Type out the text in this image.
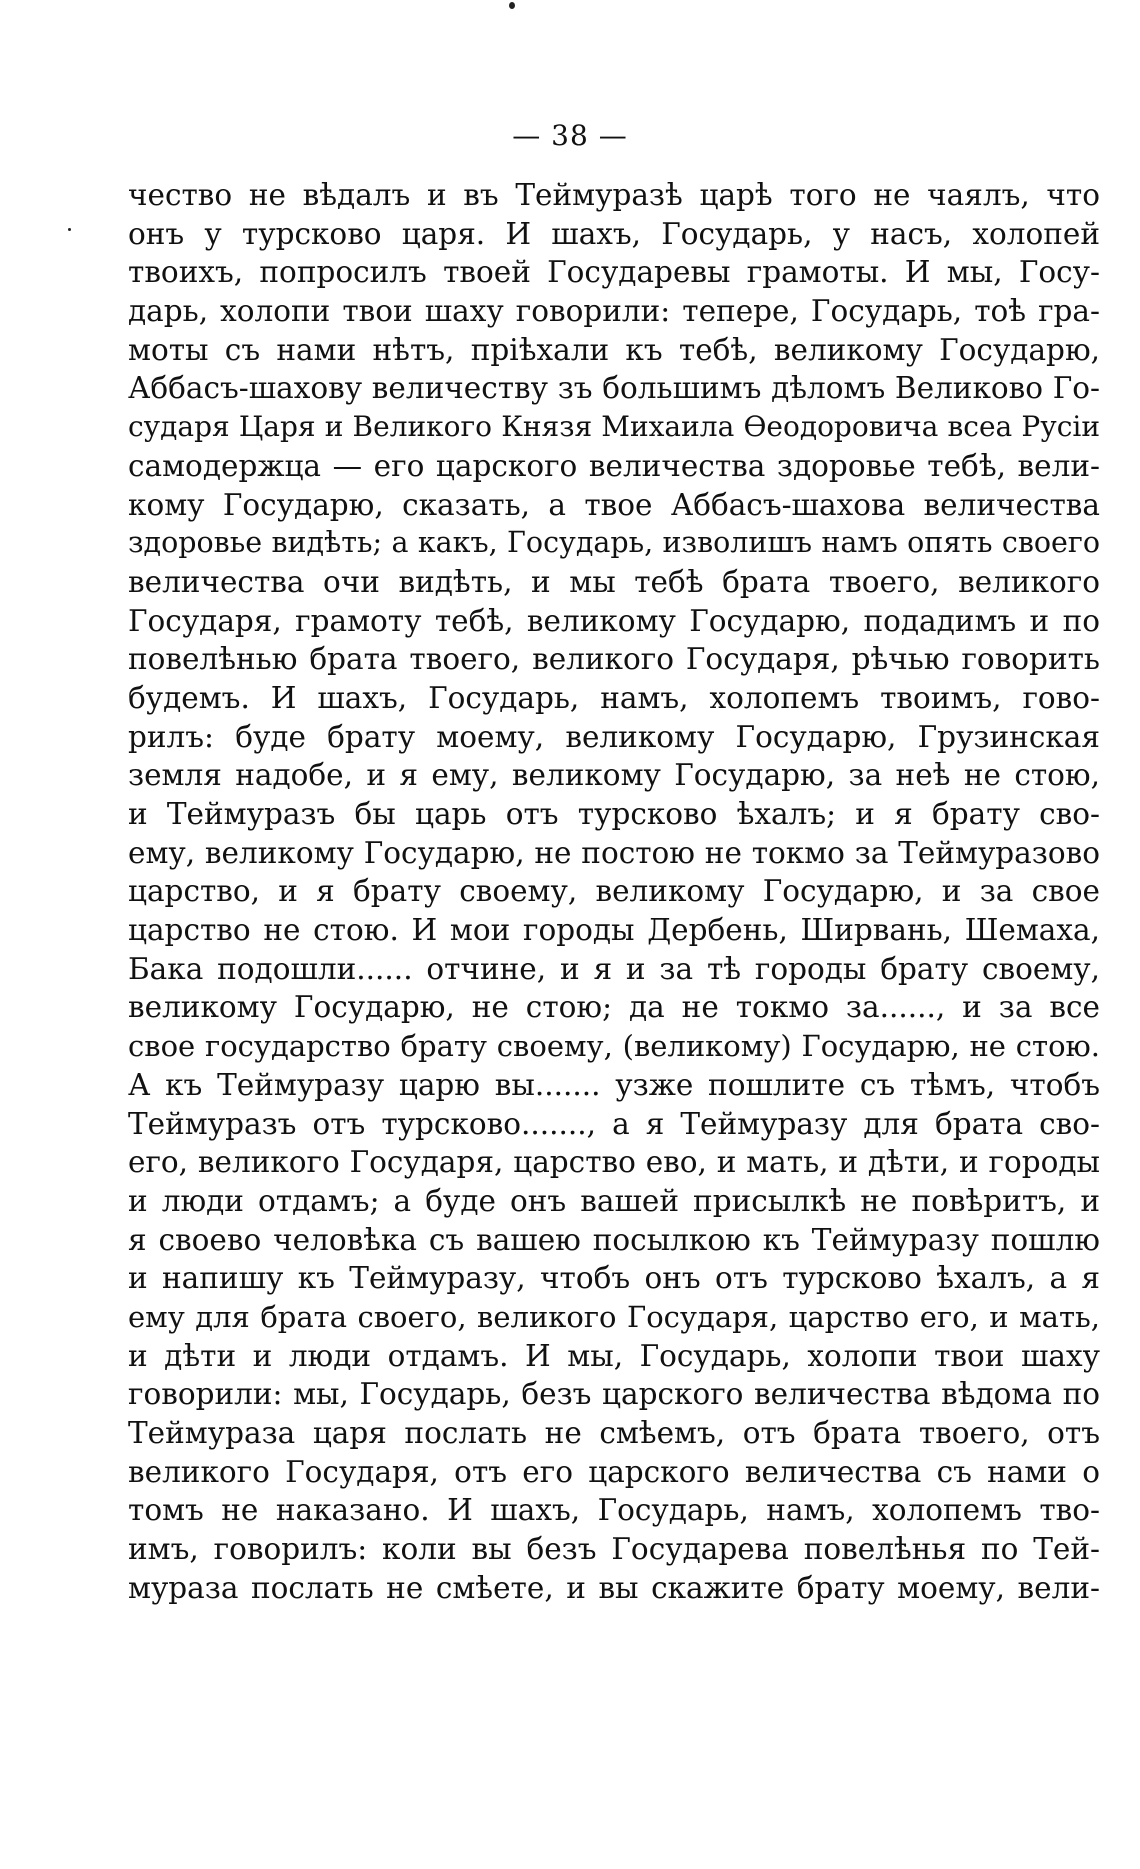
— 38 —
чество не вѣдалъ и въ Теймуразѣ царѣ того не чаялъ, что
онъ у турсково царя. И шахъ, Государь, у насъ, холопей
твоихъ, попросилъ твоей Государевы грамоты. И мы, Госу-
дарь, холопи твои шаху говорили: тепере, Государь, тоѣ гра-
моты съ нами нѣтъ, пріѣхали къ тебѣ, великому Государю,
Аббасъ-шахову величеству зъ большимъ дѣломъ Великово Го-
сударя Царя и Великого Князя Михаила Ѳеодоровича всеа Русіи
самодержца — его царского величества здоровье тебѣ, вели-
кому Государю, сказать, а твое Аббасъ-шахова величества
здоровье видѣть; а какъ, Государь, изволишъ намъ опять своего
величества очи видѣть, и мы тебѣ брата твоего, великого
Государя, грамоту тебѣ, великому Государю, подадимъ и по
повелѣнью брата твоего, великого Государя, рѣчью говорить
будемъ. И шахъ, Государь, намъ, холопемъ твоимъ, гово-
рилъ: буде брату моему, великому Государю, Грузинская
земля надобе, и я ему, великому Государю, за неѣ не стою,
и Теймуразъ бы царь отъ турсково ѣхалъ; и я брату сво-
ему, великому Государю, не постою не токмо за Теймуразово
царство, и я брату своему, великому Государю, и за свое
царство не стою. И мои городы Дербень, Ширвань, Шемаха,
Бака подошли...... отчине, и я и за тѣ городы брату своему,
великому Государю, не стою; да не токмо за......, и за все
свое государство брату своему, (великому) Государю, не стою.
А къ Теймуразу царю вы....... узже пошлите съ тѣмъ, чтобъ
Теймуразъ отъ турсково......., а я Теймуразу для брата сво-
его, великого Государя, царство ево, и мать, и дѣти, и городы
и люди отдамъ; а буде онъ вашей присылкѣ не повѣритъ, и
я своево человѣка съ вашею посылкою къ Теймуразу пошлю
и напишу къ Теймуразу, чтобъ онъ отъ турсково ѣхалъ, а я
ему для брата своего, великого Государя, царство его, и мать,
и дѣти и люди отдамъ. И мы, Государь, холопи твои шаху
говорили: мы, Государь, безъ царского величества вѣдома по
Теймураза царя послать не смѣемъ, отъ брата твоего, отъ
великого Государя, отъ его царского величества съ нами о
томъ не наказано. И шахъ, Государь, намъ, холопемъ тво-
имъ, говорилъ: коли вы безъ Государева повелѣнья по Тей-
мураза послать не смѣете, и вы скажите брату моему, вели-
